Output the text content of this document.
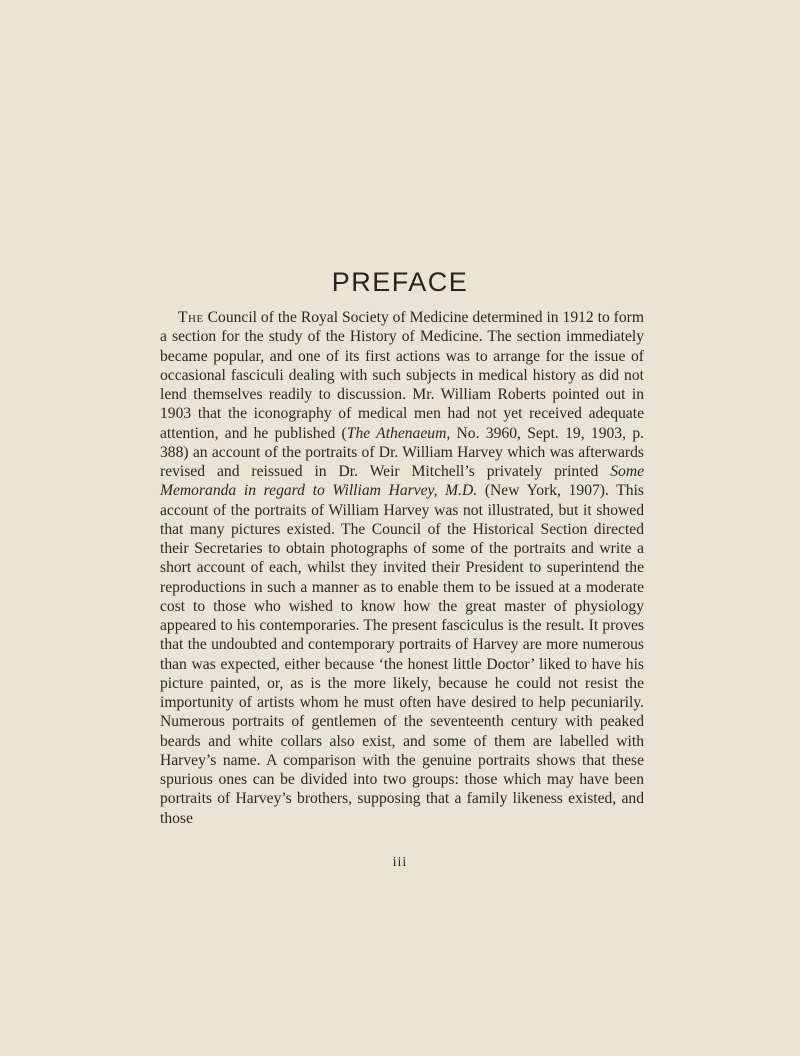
PREFACE

The Council of the Royal Society of Medicine determined in 1912 to form a section for the study of the History of Medicine. The section immediately became popular, and one of its first actions was to arrange for the issue of occasional fasciculi dealing with such subjects in medical history as did not lend themselves readily to discussion. Mr. William Roberts pointed out in 1903 that the iconography of medical men had not yet received adequate attention, and he published (The Athenaeum, No. 3960, Sept. 19, 1903, p. 388) an account of the portraits of Dr. William Harvey which was afterwards revised and reissued in Dr. Weir Mitchell’s privately printed Some Memoranda in regard to William Harvey, M.D. (New York, 1907). This account of the portraits of William Harvey was not illustrated, but it showed that many pictures existed. The Council of the Historical Section directed their Secretaries to obtain photographs of some of the portraits and write a short account of each, whilst they invited their President to superintend the reproductions in such a manner as to enable them to be issued at a moderate cost to those who wished to know how the great master of physiology appeared to his contemporaries. The present fasciculus is the result. It proves that the undoubted and contemporary portraits of Harvey are more numerous than was expected, either because ‘the honest little Doctor’ liked to have his picture painted, or, as is the more likely, because he could not resist the importunity of artists whom he must often have desired to help pecuniarily. Numerous portraits of gentlemen of the seventeenth century with peaked beards and white collars also exist, and some of them are labelled with Harvey’s name. A comparison with the genuine portraits shows that these spurious ones can be divided into two groups: those which may have been portraits of Harvey’s brothers, supposing that a family likeness existed, and those

iii
